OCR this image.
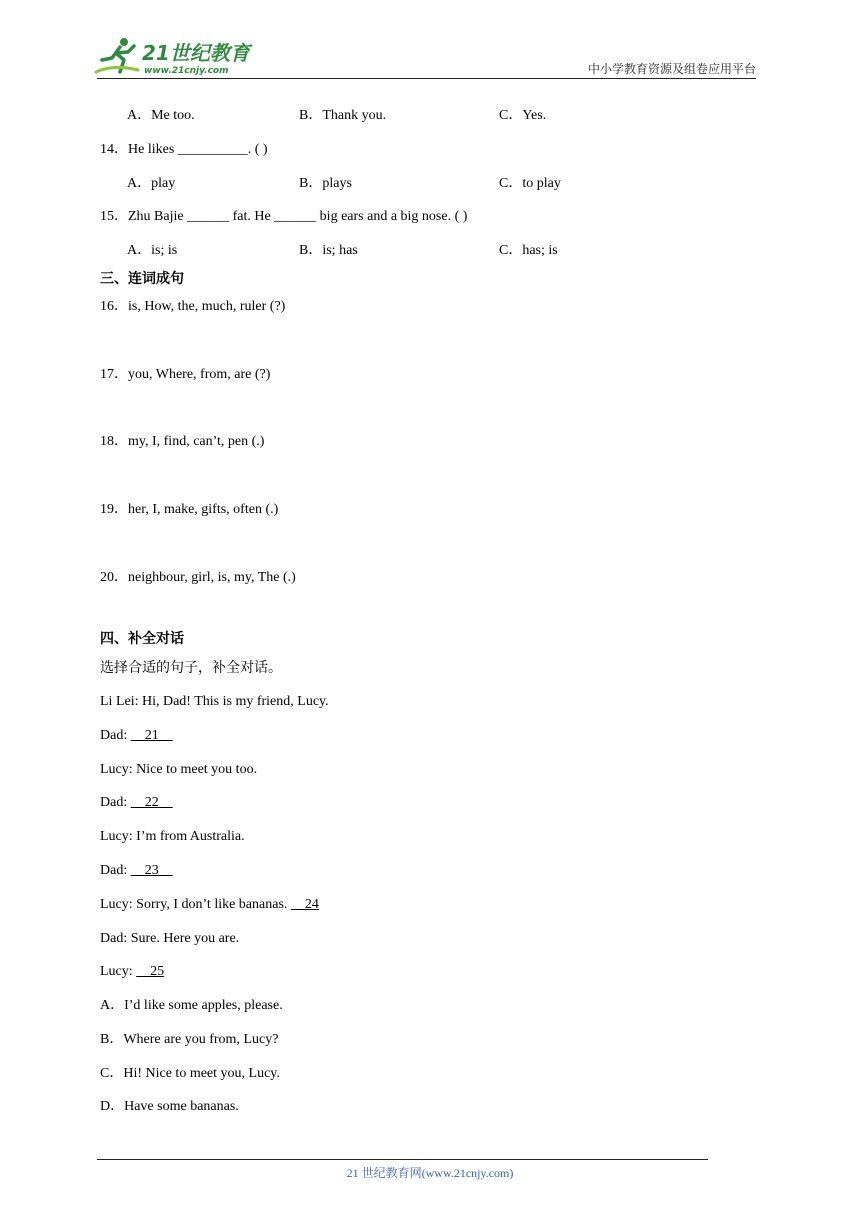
21世纪教育
www.21cnjy.com	中小学教育资源及组卷应用平台
A．Me too.	B．Thank you.	C．Yes.
14．He likes __________. ( )
A．play	B．plays	C．to play
15．Zhu Bajie ______ fat. He ______ big ears and a big nose. ( )
A．is; is	B．is; has	C．has; is
三、连词成句
16．is, How, the, much, ruler (?)
17．you, Where, from, are (?)
18．my, I, find, can’t, pen (.)
19．her, I, make, gifts, often (.)
20．neighbour, girl, is, my, The (.)
四、补全对话
选择合适的句子，补全对话。
Li Lei: Hi, Dad! This is my friend, Lucy.
Dad:     21
Lucy: Nice to meet you too.
Dad:     22
Lucy: I’m from Australia.
Dad:     23
Lucy: Sorry, I don’t like bananas.     24
Dad: Sure. Here you are.
Lucy:     25
A．I’d like some apples, please.
B．Where are you from, Lucy?
C．Hi! Nice to meet you, Lucy.
D．Have some bananas.
21 世纪教育网(www.21cnjy.com)
